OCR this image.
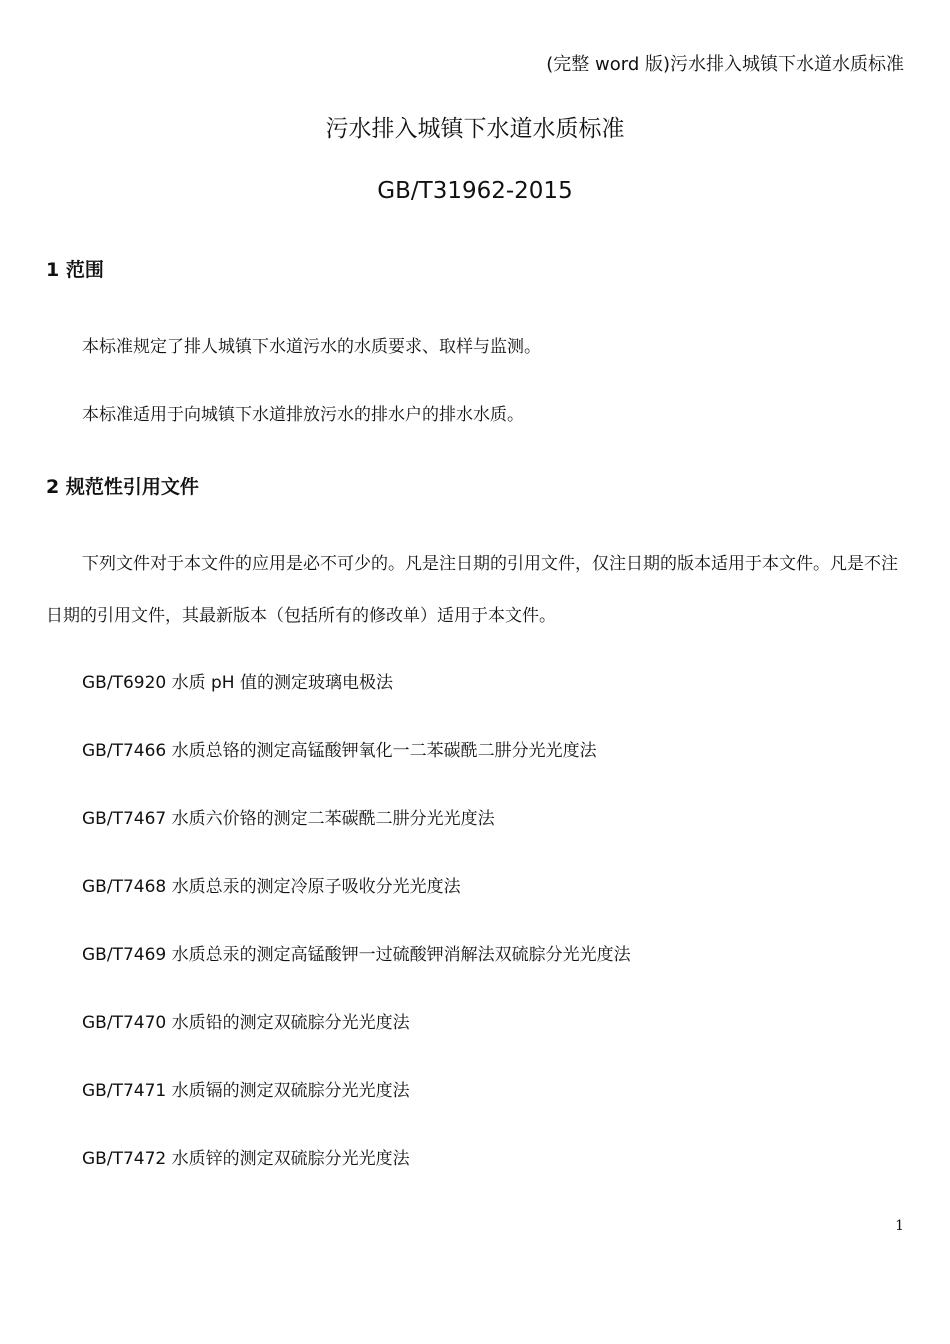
(完整 word 版)污水排入城镇下水道水质标准
污水排入城镇下水道水质标准
GB/T31962-2015
1 范围
本标准规定了排人城镇下水道污水的水质要求、取样与监测。
本标准适用于向城镇下水道排放污水的排水户的排水水质。
2 规范性引用文件
下列文件对于本文件的应用是必不可少的。凡是注日期的引用文件，仅注日期的版本适用于本文件。凡是不注日期的引用文件，其最新版本（包括所有的修改单）适用于本文件。
GB/T6920 水质 pH 值的测定玻璃电极法
GB/T7466 水质总铬的测定高锰酸钾氧化一二苯碳酰二肼分光光度法
GB/T7467 水质六价铬的测定二苯碳酰二肼分光光度法
GB/T7468 水质总汞的测定冷原子吸收分光光度法
GB/T7469 水质总汞的测定高锰酸钾一过硫酸钾消解法双硫腙分光光度法
GB/T7470 水质铅的测定双硫腙分光光度法
GB/T7471 水质镉的测定双硫腙分光光度法
GB/T7472 水质锌的测定双硫腙分光光度法
1
